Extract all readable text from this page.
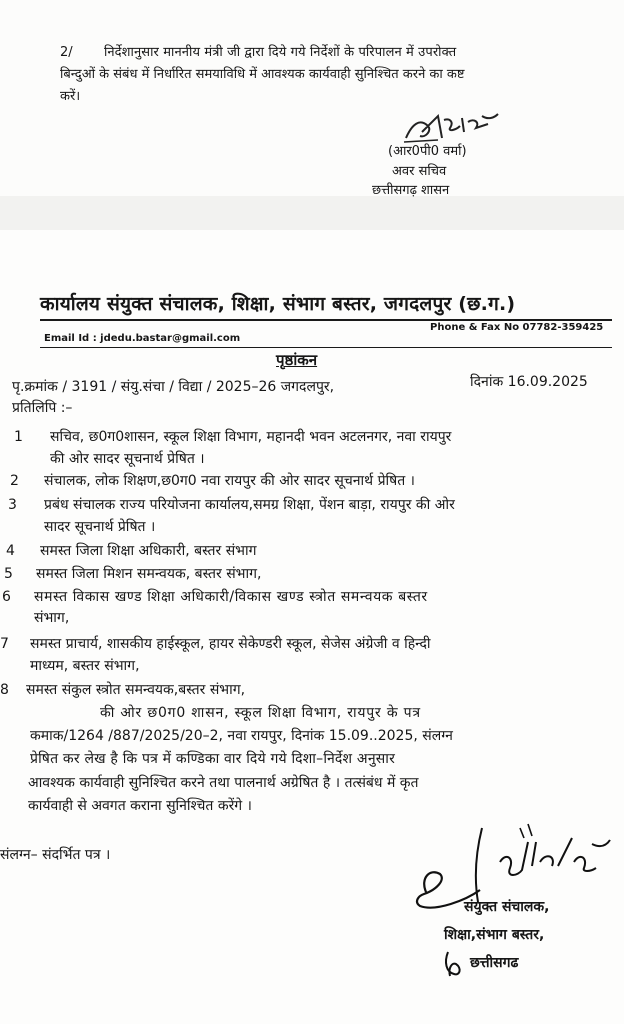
2/ निर्देशानुसार माननीय मंत्री जी द्वारा दिये गये निर्देशों के परिपालन में उपरोक्त
बिन्दुओं के संबंध में निर्धारित समयाविधि में आवश्यक कार्यवाही सुनिश्चित करने का कष्ट
करें।
(आर0पी0 वर्मा)
अवर सचिव
छत्तीसगढ़ शासन
कार्यालय संयुक्त संचालक, शिक्षा, संभाग बस्तर, जगदलपुर (छ.ग.)
Phone & Fax No 07782-359425
Email Id : jdedu.bastar@gmail.com
पृष्ठांकन
पृ.क्रमांक / 3191 / संयु.संचा / विद्या / 2025–26 जगदलपुर,	दिनांक 16.09.2025
प्रतिलिपि :–
1 सचिव, छ0ग0शासन, स्कूल शिक्षा विभाग, महानदी भवन अटलनगर, नवा रायपुर
की ओर सादर सूचनार्थ प्रेषित ।
2 संचालक, लोक शिक्षण,छ0ग0 नवा रायपुर की ओर सादर सूचनार्थ प्रेषित ।
3 प्रबंध संचालक राज्य परियोजना कार्यालय,समग्र शिक्षा, पेंशन बाड़ा, रायपुर की ओर
सादर सूचनार्थ प्रेषित ।
4 समस्त जिला शिक्षा अधिकारी, बस्तर संभाग
5 समस्त जिला मिशन समन्वयक, बस्तर संभाग,
6 समस्त विकास खण्ड शिक्षा अधिकारी/विकास खण्ड स्त्रोत समन्वयक बस्तर
संभाग,
7 समस्त प्राचार्य, शासकीय हाईस्कूल, हायर सेकेण्डरी स्कूल, सेजेस अंग्रेजी व हिन्दी
माध्यम, बस्तर संभाग,
8 समस्त संकुल स्त्रोत समन्वयक,बस्तर संभाग,
की ओर छ0ग0 शासन, स्कूल शिक्षा विभाग, रायपुर के पत्र
कमाक/1264 /887/2025/20–2, नवा रायपुर, दिनांक 15.09..2025, संलग्न
प्रेषित कर लेख है कि पत्र में कण्डिका वार दिये गये दिशा–निर्देश अनुसार
आवश्यक कार्यवाही सुनिश्चित करने तथा पालनार्थ अग्रेषित है । तत्संबंध में कृत
कार्यवाही से अवगत कराना सुनिश्चित करेंगे ।
संलग्न– संदर्भित पत्र ।
संयुक्त संचालक,
शिक्षा,संभाग बस्तर,
छत्तीसगढ
